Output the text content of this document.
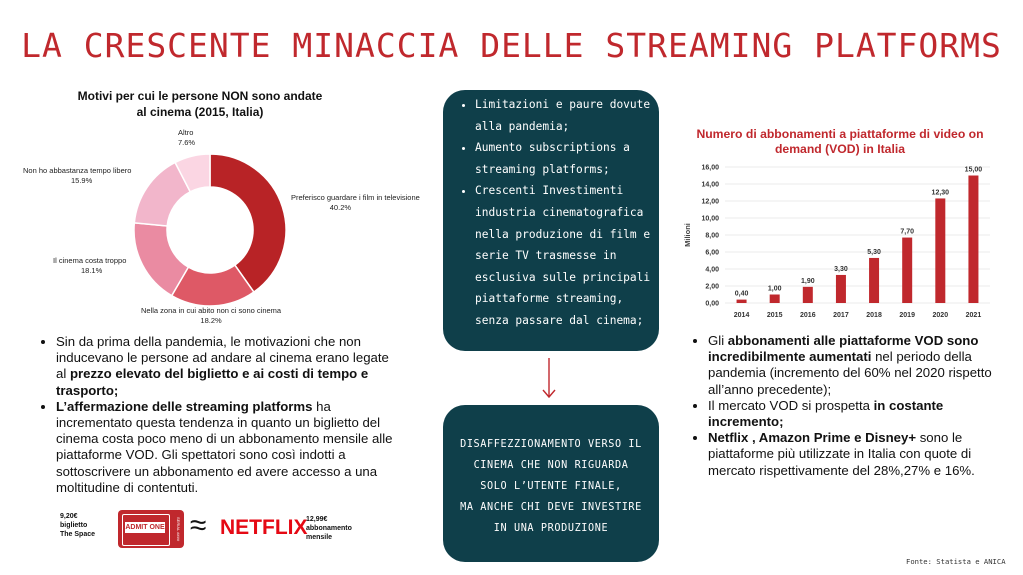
LA CRESCENTE MINACCIA DELLE STREAMING PLATFORMS
Motivi per cui le persone NON sono andate
al cinema (2015, Italia)
Altro
7.6%
Preferisco guardare i film in televisione
40.2%
Non ho abbastanza tempo libero
15.9%
Il cinema costa troppo
18.1%
Nella zona in cui abito non ci sono cinema
18.2%
• Sin da prima della pandemia, le motivazioni che non inducevano le persone ad andare al cinema erano legate al prezzo elevato del biglietto e ai costi di tempo e trasporto;
• L’affermazione delle streaming platforms ha incrementato questa tendenza in quanto un biglietto del cinema costa poco meno di un abbonamento mensile alle piattaforme VOD. Gli spettatori sono così indotti a sottoscrivere un abbonamento ed avere accesso a una moltitudine di contentuti.
9,20€
biglietto
The Space
ADMIT ONE	SERIAL #### ≈ NETFLIX
12,99€
abbonamento
mensile
• Limitazioni e paure dovute alla pandemia;
• Aumento subscriptions a streaming platforms;
• Crescenti Investimenti industria cinematografica nella produzione di film e serie TV trasmesse in esclusiva sulle principali piattaforme streaming, senza passare dal cinema;
DISAFFEZZIONAMENTO VERSO IL
CINEMA CHE NON RIGUARDA
SOLO L’UTENTE FINALE,
MA ANCHE CHI DEVE INVESTIRE
IN UNA PRODUZIONE
Numero di abbonamenti a piattaforme di video on demand (VOD) in Italia
Milioni
0,00
2,00
4,00
6,00
8,00
10,00
12,00
14,00
16,00
0,40
2014
1,00
2015
1,90
2016
3,30
2017
5,30
2018
7,70
2019
12,30
2020
15,00
2021
• Gli abbonamenti alle piattaforme VOD sono incredibilmente aumentati nel periodo della pandemia (incremento del 60% nel 2020 rispetto all’anno precedente);
• Il mercato VOD si prospetta in costante incremento;
• Netflix , Amazon Prime e Disney+ sono le piattaforme più utilizzate in Italia con quote di mercato rispettivamente del 28%,27% e 16%.
Fonte: Statista e ANICA
